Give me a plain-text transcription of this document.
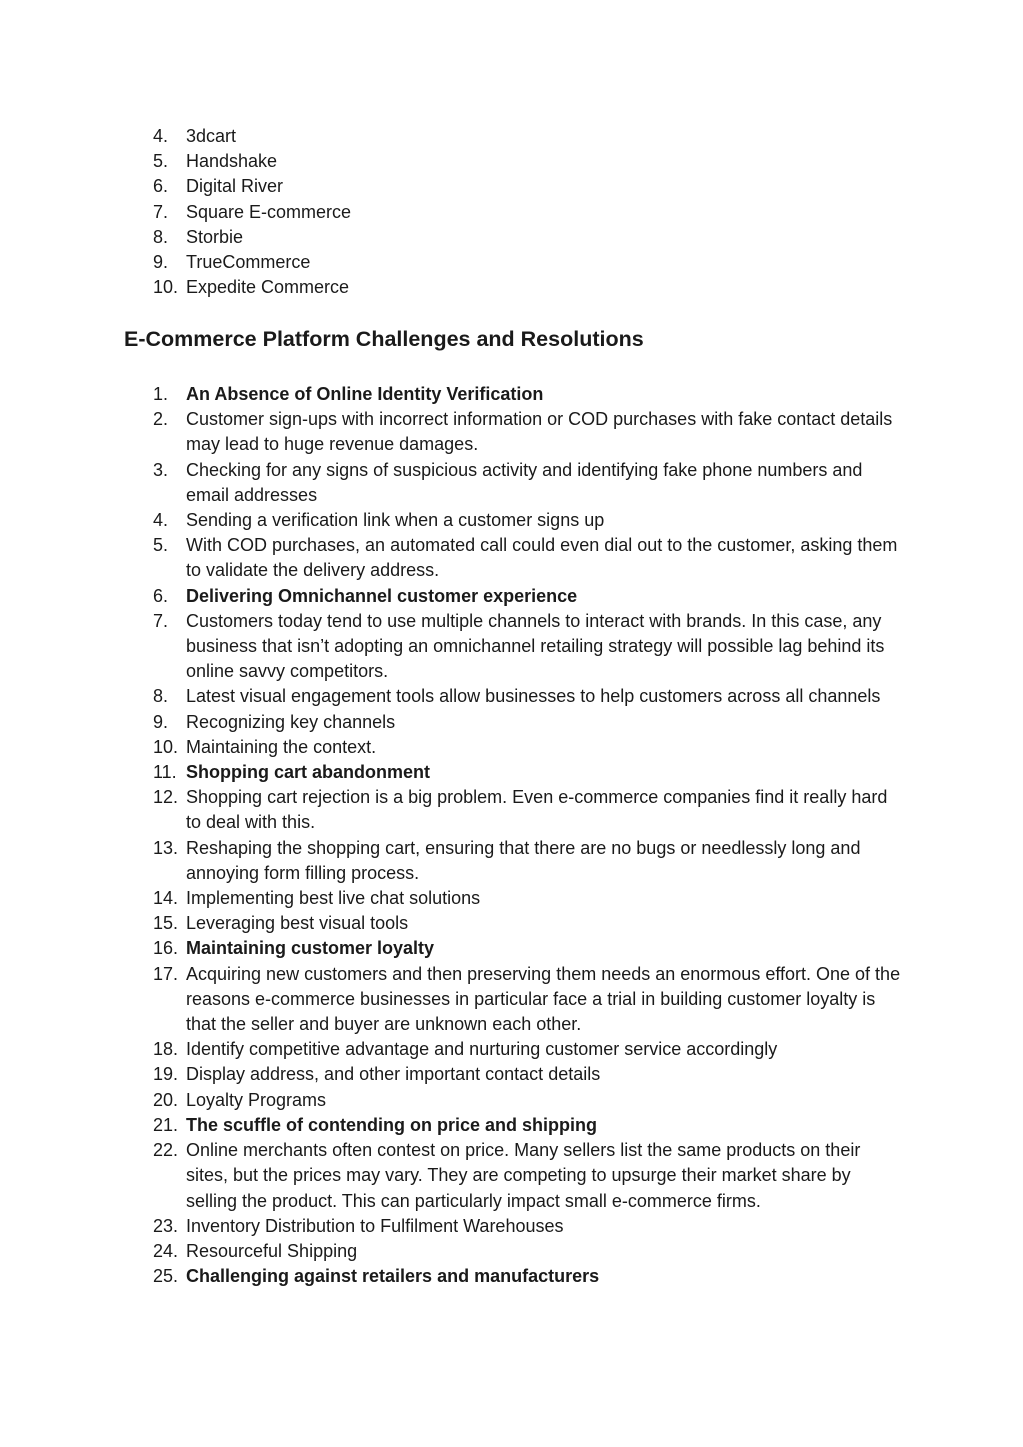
4. 3dcart
5. Handshake
6. Digital River
7. Square E-commerce
8. Storbie
9. TrueCommerce
10. Expedite Commerce
E-Commerce Platform Challenges and Resolutions
1. An Absence of Online Identity Verification
2. Customer sign-ups with incorrect information or COD purchases with fake contact details may lead to huge revenue damages.
3. Checking for any signs of suspicious activity and identifying fake phone numbers and email addresses
4. Sending a verification link when a customer signs up
5. With COD purchases, an automated call could even dial out to the customer, asking them to validate the delivery address.
6. Delivering Omnichannel customer experience
7. Customers today tend to use multiple channels to interact with brands. In this case, any business that isn’t adopting an omnichannel retailing strategy will possible lag behind its online savvy competitors.
8. Latest visual engagement tools allow businesses to help customers across all channels
9. Recognizing key channels
10. Maintaining the context.
11. Shopping cart abandonment
12. Shopping cart rejection is a big problem. Even e-commerce companies find it really hard to deal with this.
13. Reshaping the shopping cart, ensuring that there are no bugs or needlessly long and annoying form filling process.
14. Implementing best live chat solutions
15. Leveraging best visual tools
16. Maintaining customer loyalty
17. Acquiring new customers and then preserving them needs an enormous effort. One of the reasons e-commerce businesses in particular face a trial in building customer loyalty is that the seller and buyer are unknown each other.
18. Identify competitive advantage and nurturing customer service accordingly
19. Display address, and other important contact details
20. Loyalty Programs
21. The scuffle of contending on price and shipping
22. Online merchants often contest on price. Many sellers list the same products on their sites, but the prices may vary. They are competing to upsurge their market share by selling the product. This can particularly impact small e-commerce firms.
23. Inventory Distribution to Fulfilment Warehouses
24. Resourceful Shipping
25. Challenging against retailers and manufacturers
